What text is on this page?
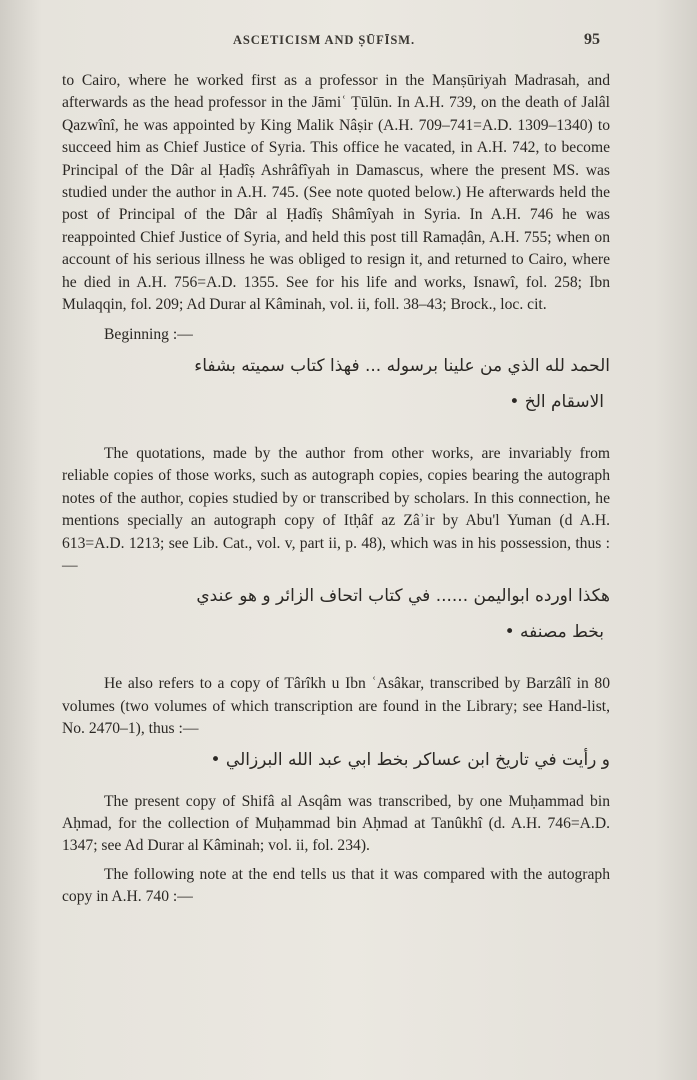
ASCETICISM AND ṢŪFĪSM.	95

to Cairo, where he worked first as a professor in the Manṣūriyah Madrasah, and afterwards as the head professor in the Jāmiʿ Ṭūlūn. In A.H. 739, on the death of Jalâl Qazwînî, he was appointed by King Malik Nâṣir (A.H. 709–741=A.D. 1309–1340) to succeed him as Chief Justice of Syria. This office he vacated, in A.H. 742, to become Principal of the Dâr al Ḥadîṣ Ashrâfîyah in Damascus, where the present MS. was studied under the author in A.H. 745. (See note quoted below.) He afterwards held the post of Principal of the Dâr al Ḥadîṣ Shâmîyah in Syria. In A.H. 746 he was reappointed Chief Justice of Syria, and held this post till Ramaḍân, A.H. 755; when on account of his serious illness he was obliged to resign it, and returned to Cairo, where he died in A.H. 756=A.D. 1355. See for his life and works, Isnawî, fol. 258; Ibn Mulaqqin, fol. 209; Ad Durar al Kâminah, vol. ii, foll. 38–43; Brock., loc. cit.

Beginning :—

الحمد لله الذي من علينا برسوله ... فهذا كتاب سميته بشفاء

الاسقام الخ •

The quotations, made by the author from other works, are invariably from reliable copies of those works, such as autograph copies, copies bearing the autograph notes of the author, copies studied by or transcribed by scholars. In this connection, he mentions specially an autograph copy of Itḥâf az Zâʾir by Abu'l Yuman (d A.H. 613=A.D. 1213; see Lib. Cat., vol. v, part ii, p. 48), which was in his possession, thus :—

هكذا اورده ابواليمن ...... في كتاب اتحاف الزائر و هو عندي

بخط مصنفه •

He also refers to a copy of Târîkh u Ibn ʿAsâkar, transcribed by Barzâlî in 80 volumes (two volumes of which transcription are found in the Library; see Hand-list, No. 2470–1), thus :—

و رأيت في تاريخ ابن عساكر بخط ابي عبد الله البرزالي •

The present copy of Shifâ al Asqâm was transcribed, by one Muḥammad bin Aḥmad, for the collection of Muḥammad bin Aḥmad at Tanûkhî (d. A.H. 746=A.D. 1347; see Ad Durar al Kâminah; vol. ii, fol. 234).

The following note at the end tells us that it was compared with the autograph copy in A.H. 740 :—
